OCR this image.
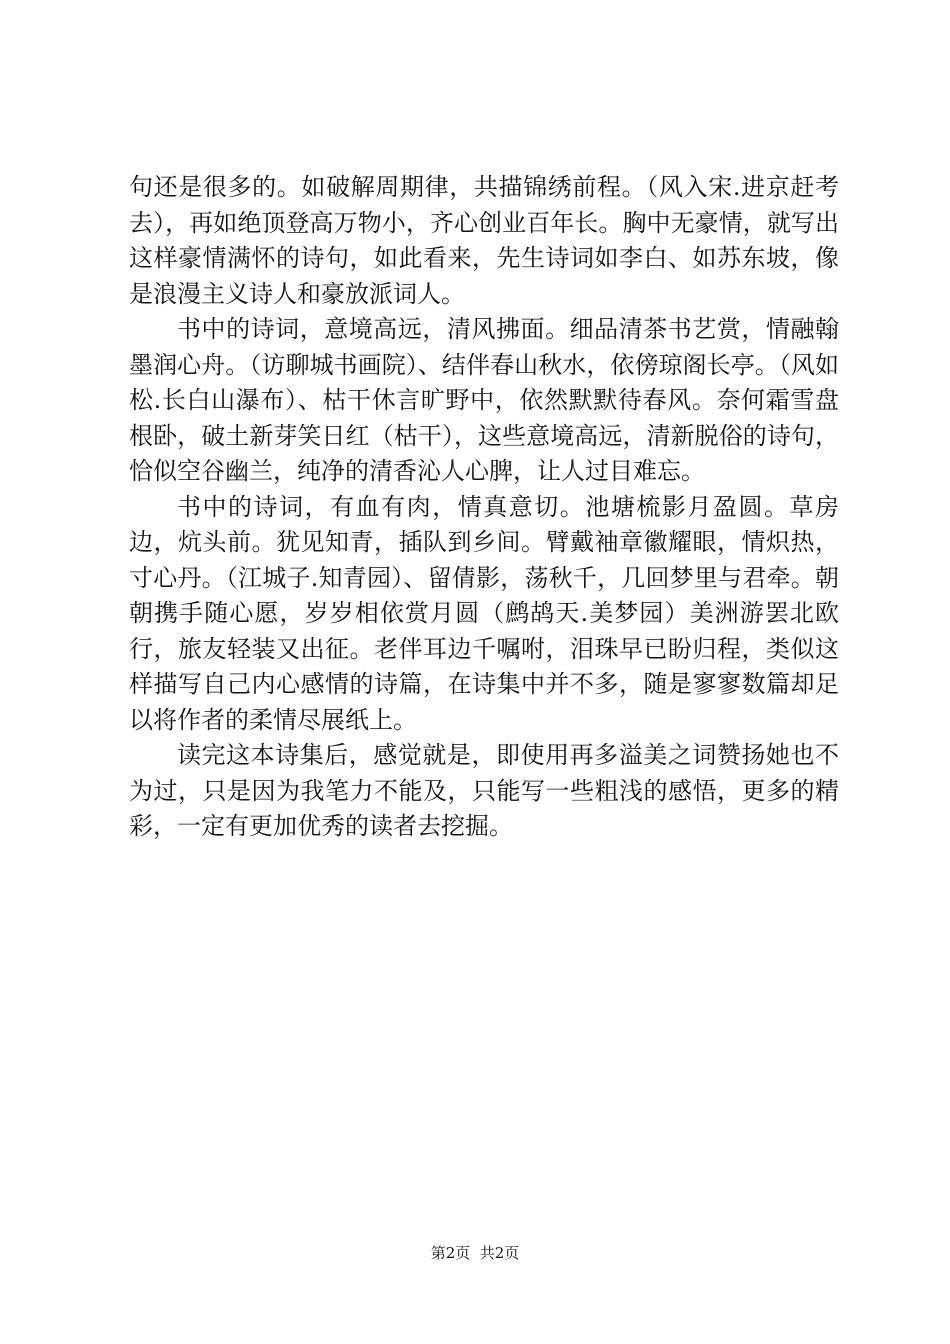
句还是很多的。如破解周期律，共描锦绣前程。（风入宋.进京赶考去），再如绝顶登高万物小，齐心创业百年长。胸中无豪情，就写出这样豪情满怀的诗句，如此看来，先生诗词如李白、如苏东坡，像是浪漫主义诗人和豪放派词人。

书中的诗词，意境高远，清风拂面。细品清茶书艺赏，情融翰墨润心舟。（访聊城书画院）、结伴春山秋水，依傍琼阁长亭。（风如松.长白山瀑布）、枯干休言旷野中，依然默默待春风。奈何霜雪盘根卧，破土新芽笑日红（枯干），这些意境高远，清新脱俗的诗句，恰似空谷幽兰，纯净的清香沁人心脾，让人过目难忘。

书中的诗词，有血有肉，情真意切。池塘梳影月盈圆。草房边，炕头前。犹见知青，插队到乡间。臂戴袖章徽耀眼，情炽热，寸心丹。（江城子.知青园）、留倩影，荡秋千，几回梦里与君牵。朝朝携手随心愿，岁岁相依赏月圆（鹧鸪天.美梦园）美洲游罢北欧行，旅友轻装又出征。老伴耳边千嘱咐，泪珠早已盼归程，类似这样描写自己内心感情的诗篇，在诗集中并不多，随是寥寥数篇却足以将作者的柔情尽展纸上。

读完这本诗集后，感觉就是，即使用再多溢美之词赞扬她也不为过，只是因为我笔力不能及，只能写一些粗浅的感悟，更多的精彩，一定有更加优秀的读者去挖掘。

第2页  共2页
